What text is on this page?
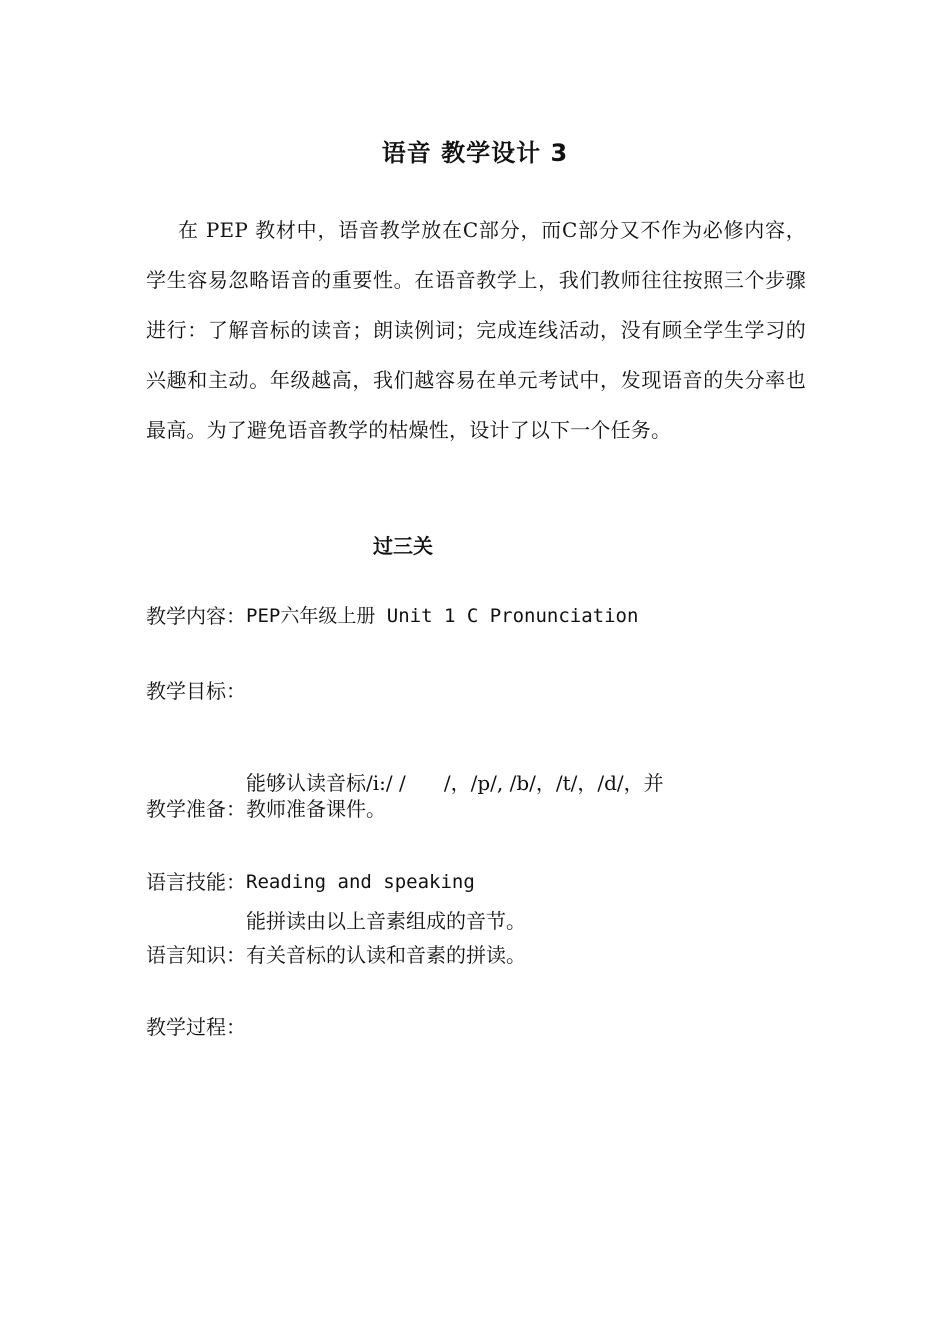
语音 教学设计 3

在 PEP 教材中，语音教学放在C部分，而C部分又不作为必修内容，学生容易忽略语音的重要性。在语音教学上，我们教师往往按照三个步骤进行：了解音标的读音；朗读例词；完成连线活动，没有顾全学生学习的兴趣和主动。年级越高，我们越容易在单元考试中，发现语音的失分率也最高。为了避免语音教学的枯燥性，设计了以下一个任务。

过三关
教学内容： PEP六年级上册 Unit 1 C Pronunciation
教学目标：

能够认读音标/i:/ /      /，/p/, /b/，/t/，/d/，并

能拼读由以上音素组成的音节。

教学准备： 教师准备课件。
语言技能： Reading and speaking
语言知识： 有关音标的认读和音素的拼读。
教学过程：
